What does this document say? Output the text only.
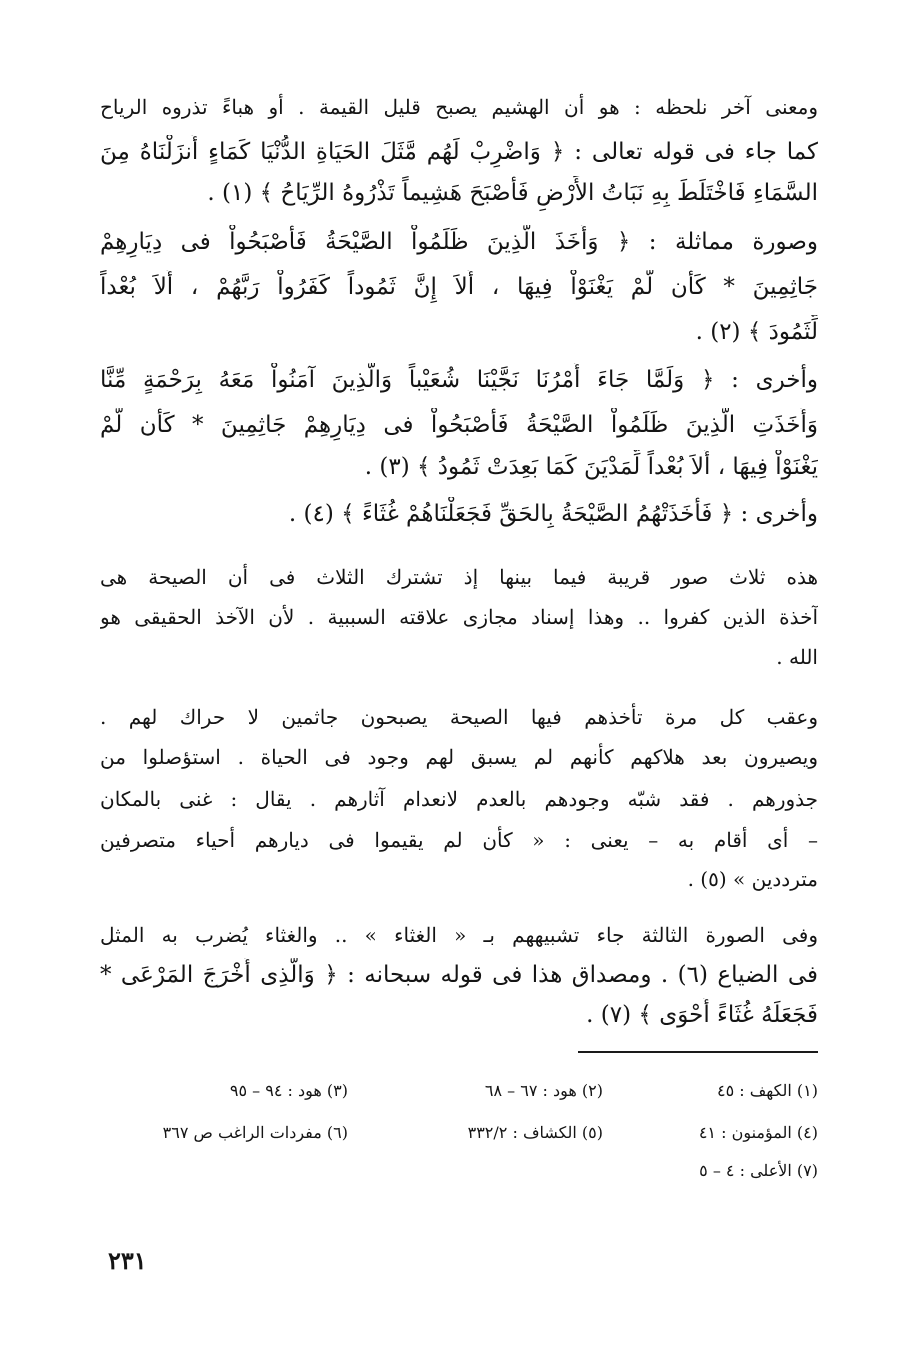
ومعنى آخر نلحظه : هو أن الهشيم يصبح قليل القيمة . أو هباءً تذروه الرياح
كما جاء فى قوله تعالى : ﴿ وَاضْرِبْ لَهُم مَّثَلَ الحَيَاةِ الدُّنْيَا كَمَاءٍ أَنزَلْنَاهُ مِنَ
السَّمَاءِ فَاخْتَلَطَ بِهِ نَبَاتُ الأَرْضِ فَأَصْبَحَ هَشِيماً تَذْرُوهُ الرِّيَاحُ ﴾ (١) .
وصورة مماثلة : ﴿ وَأَخَذَ الَّذِينَ ظَلَمُواْ الصَّيْحَةُ فَأَصْبَحُواْ فى دِيَارِهِمْ
جَاثِمِينَ * كَأَن لَّمْ يَغْنَوْاْ فِيهَا ، أَلاَ إِنَّ ثَمُوداً كَفَرُواْ رَبَّهُمْ ، أَلاَ بُعْداً
لِّثَمُودَ ﴾ (٢) .
وأخرى : ﴿ وَلَمَّا جَاءَ أَمْرُنَا نَجَّيْنَا شُعَيْباً وَالَّذِينَ آمَنُواْ مَعَهُ بِرَحْمَةٍ مِّنَّا
وَأَخَذَتِ الَّذِينَ ظَلَمُواْ الصَّيْحَةُ فَأَصْبَحُواْ فى دِيَارِهِمْ جَاثِمِينَ * كَأَن لَّمْ
يَغْنَوْاْ فِيهَا ، أَلاَ بُعْداً لِّمَدْيَنَ كَمَا بَعِدَتْ ثَمُودُ ﴾ (٣) .
وأخرى : ﴿ فَأَخَذَتْهُمُ الصَّيْحَةُ بِالحَقِّ فَجَعَلْنَاهُمْ غُثَاءً ﴾ (٤) .
هذه ثلاث صور قريبة فيما بينها إذ تشترك الثلاث فى أن الصيحة هى
آخذة الذين كفروا .. وهذا إسناد مجازى علاقته السببية . لأن الآخذ الحقيقى هو
الله .
وعقب كل مرة تأخذهم فيها الصيحة يصبحون جاثمين لا حراك لهم .
ويصيرون بعد هلاكهم كأنهم لم يسبق لهم وجود فى الحياة . استؤصلوا من
جذورهم . فقد شبّه وجودهم بالعدم لانعدام آثارهم . يقال : غنى بالمكان
– أى أقام به – يعنى : « كأن لم يقيموا فى ديارهم أحياء متصرفين
مترددين » (٥) .
وفى الصورة الثالثة جاء تشبيههم بـ « الغثاء » .. والغثاء يُضرب به المثل
فى الضياع (٦) . ومصداق هذا فى قوله سبحانه : ﴿ وَالَّذِى أَخْرَجَ المَرْعَى *
فَجَعَلَهُ غُثَاءً أَحْوَى ﴾ (٧) .
(١) الكهف : ٤٥
(٢) هود : ٦٧ – ٦٨
(٣) هود : ٩٤ – ٩٥
(٤) المؤمنون : ٤١
(٥) الكشاف : ٣٣٢/٢
(٦) مفردات الراغب ص ٣٦٧
(٧) الأعلى : ٤ – ٥
٢٣١
